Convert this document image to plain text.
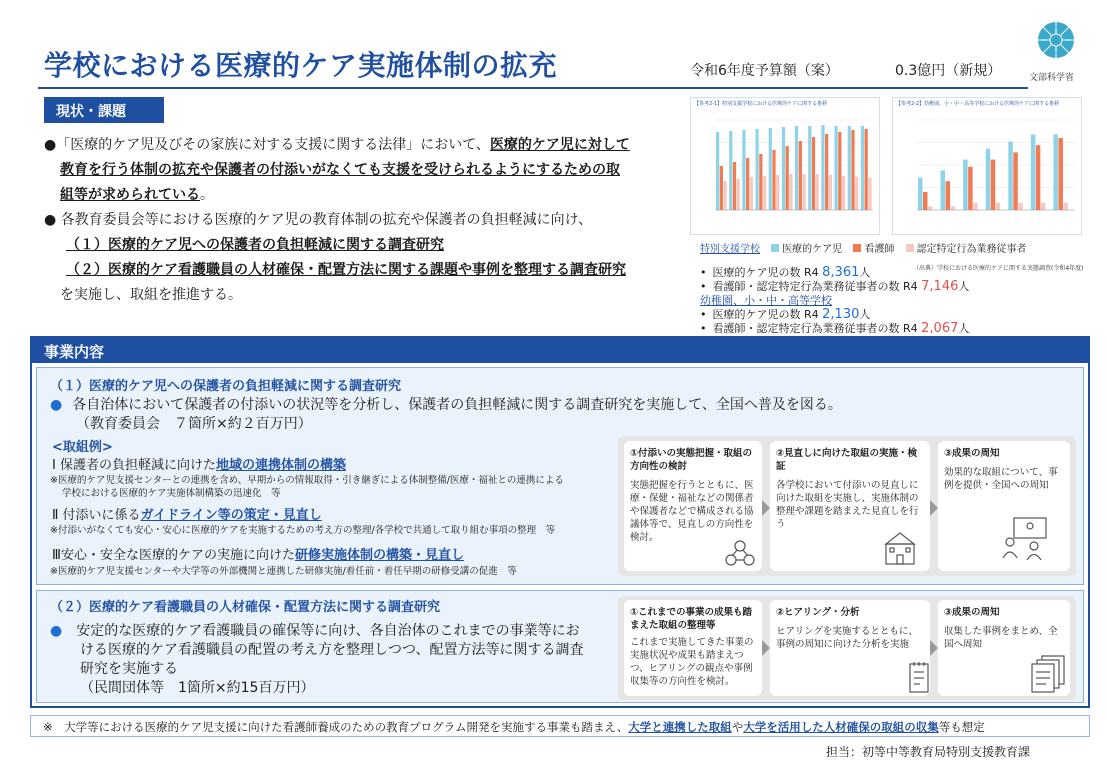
学校における医療的ケア実施体制の拡充	令和6年度予算額（案）	0.3億円（新規）	文部科学省
現状・課題

●「医療的ケア児及びその家族に対する支援に関する法律」において、医療的ケア児に対して

教育を行う体制の拡充や保護者の付添いがなくても支援を受けられるようにするための取

組等が求められている。

● 各教育委員会等における医療的ケア児の教育体制の拡充や保護者の負担軽減に向け、

（１）医療的ケア児への保護者の負担軽減に関する調査研究

（２）医療的ケア看護職員の人材確保・配置方法に関する課題や事例を整理する調査研究

を実施し、取組を推進する。

【参考2-1】特別支援学校における医療的ケアに関する推移	【参考2-2】幼稚園、小・中・高等学校における医療的ケアに関する推移
特別支援学校 医療的ケア児 看護師 認定特定行為業務従事者
• 医療的ケア児の数 R4 8,361人
• 看護師・認定特定行為業務従事者の数 R4 7,146人
幼稚園、小・中・高等学校
• 医療的ケア児の数 R4 2,130人
• 看護師・認定特定行為業務従事者の数 R4 2,067人
（出典）学校における医療的ケアに関する実態調査(令和4年度)
事業内容
（１）医療的ケア児への保護者の負担軽減に関する調査研究
● 各自治体において保護者の付添いの状況等を分析し、保護者の負担軽減に関する調査研究を実施して、全国へ普及を図る。
（教育委員会　７箇所×約２百万円）
<取組例>
Ⅰ 保護者の負担軽減に向けた地域の連携体制の構築
※医療的ケア児支援センターとの連携を含め、早期からの情報取得・引き継ぎによる体制整備/医療・福祉との連携による
学校における医療的ケア実施体制構築の迅速化　等
Ⅱ 付添いに係るガイドライン等の策定・見直し
※付添いがなくても安心・安心に医療的ケアを実施するための考え方の整理/各学校で共通して取り組む事項の整理　等
Ⅲ安心・安全な医療的ケアの実施に向けた研修実施体制の構築・見直し
※医療的ケア児支援センターや大学等の外部機関と連携した研修実施/着任前・着任早期の研修受講の促進　等
①付添いの実態把握・取組の方向性の検討
実態把握を行うとともに、医療・保健・福祉などの関係者や保護者などで構成される協議体等で、見直しの方向性を検討。
②見直しに向けた取組の実施・検証
各学校において付添いの見直しに向けた取組を実施し、実施体制の整理や課題を踏まえた見直しを行う
③成果の周知
効果的な取組について、事例を提供・全国への周知
（２）医療的ケア看護職員の人材確保・配置方法に関する調査研究
● 安定的な医療的ケア看護職員の確保等に向け、各自治体のこれまでの事業等にお
ける医療的ケア看護職員の配置の考え方を整理しつつ、配置方法等に関する調査
研究を実施する
（民間団体等　1箇所×約15百万円）
①これまでの事業の成果も踏まえた取組の整理等
これまで実施してきた事業の実施状況や成果も踏まえつつ、ヒアリングの観点や事例収集等の方向性を検討。
②ヒアリング・分析
ヒアリングを実施するとともに、事例の周知に向けた分析を実施
③成果の周知
収集した事例をまとめ、全国へ周知
※　大学等における医療的ケア児支援に向けた看護師養成のための教育プログラム開発を実施する事業も踏まえ、大学と連携した取組や大学を活用した人材確保の取組の収集等も想定
担当：初等中等教育局特別支援教育課
